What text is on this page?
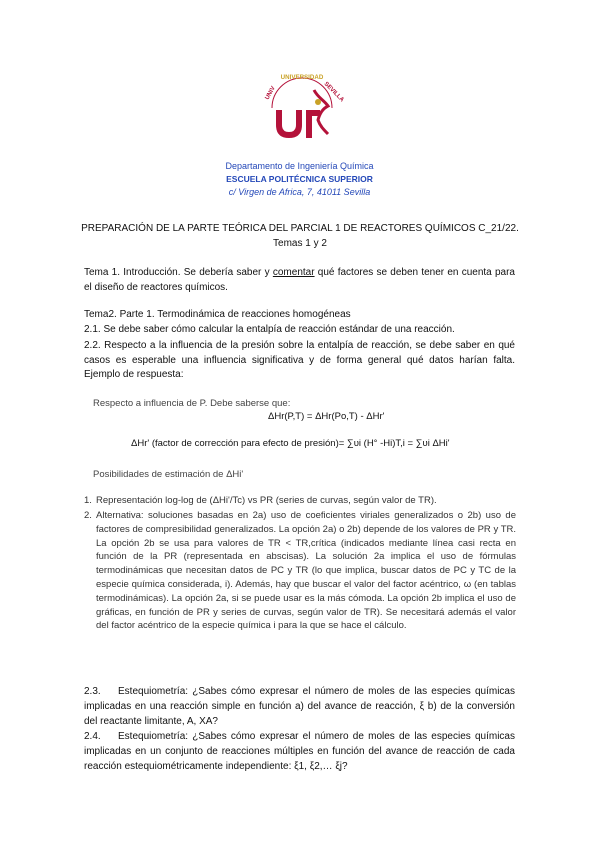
UNIVERSIDAD
UNIV	SEVILLA
Departamento de Ingeniería Química
ESCUELA POLITÉCNICA SUPERIOR
c/ Virgen de Africa, 7, 41011 Sevilla
PREPARACIÓN DE LA PARTE TEÓRICA DEL PARCIAL 1 DE REACTORES QUÍMICOS C_21/22.
Temas 1 y 2
Tema 1. Introducción. Se debería saber y comentar qué factores se deben tener en cuenta para el diseño de reactores químicos.
Tema2. Parte 1. Termodinámica de reacciones homogéneas
2.1. Se debe saber cómo calcular la entalpía de reacción estándar de una reacción.
2.2. Respecto a la influencia de la presión sobre la entalpía de reacción, se debe saber en qué casos es esperable una influencia significativa y de forma general qué datos harían falta. Ejemplo de respuesta:
Respecto a influencia de P. Debe saberse que:
ΔHr(P,T) = ΔHr(Po,T) - ΔHr'
ΔHr' (factor de corrección para efecto de presión)= ∑υi (H° -Hi)T,i = ∑υi ΔHi'
Posibilidades de estimación de ΔHi'
1. Representación log-log de (ΔHi'/Tc) vs PR (series de curvas, según valor de TR).
2. Alternativa: soluciones basadas en 2a) uso de coeficientes viriales generalizados o 2b) uso de factores de compresibilidad generalizados. La opción 2a) o 2b) depende de los valores de PR y TR. La opción 2b se usa para valores de TR < TR,crítica (indicados mediante línea casi recta en función de la PR (representada en abscisas). La solución 2a implica el uso de fórmulas termodinámicas que necesitan datos de PC y TR (lo que implica, buscar datos de PC y TC de la especie química considerada, i). Además, hay que buscar el valor del factor acéntrico, ω (en tablas termodinámicas). La opción 2a, si se puede usar es la más cómoda. La opción 2b implica el uso de gráficas, en función de PR y series de curvas, según valor de TR). Se necesitará además el valor del factor acéntrico de la especie química i para la que se hace el cálculo.
2.3. Estequiometría: ¿Sabes cómo expresar el número de moles de las especies químicas implicadas en una reacción simple en función a) del avance de reacción, ξ b) de la conversión del reactante limitante, A, XA?
2.4. Estequiometría: ¿Sabes cómo expresar el número de moles de las especies químicas implicadas en un conjunto de reacciones múltiples en función del avance de reacción de cada reacción estequiométricamente independiente: ξ1, ξ2,… ξj?
